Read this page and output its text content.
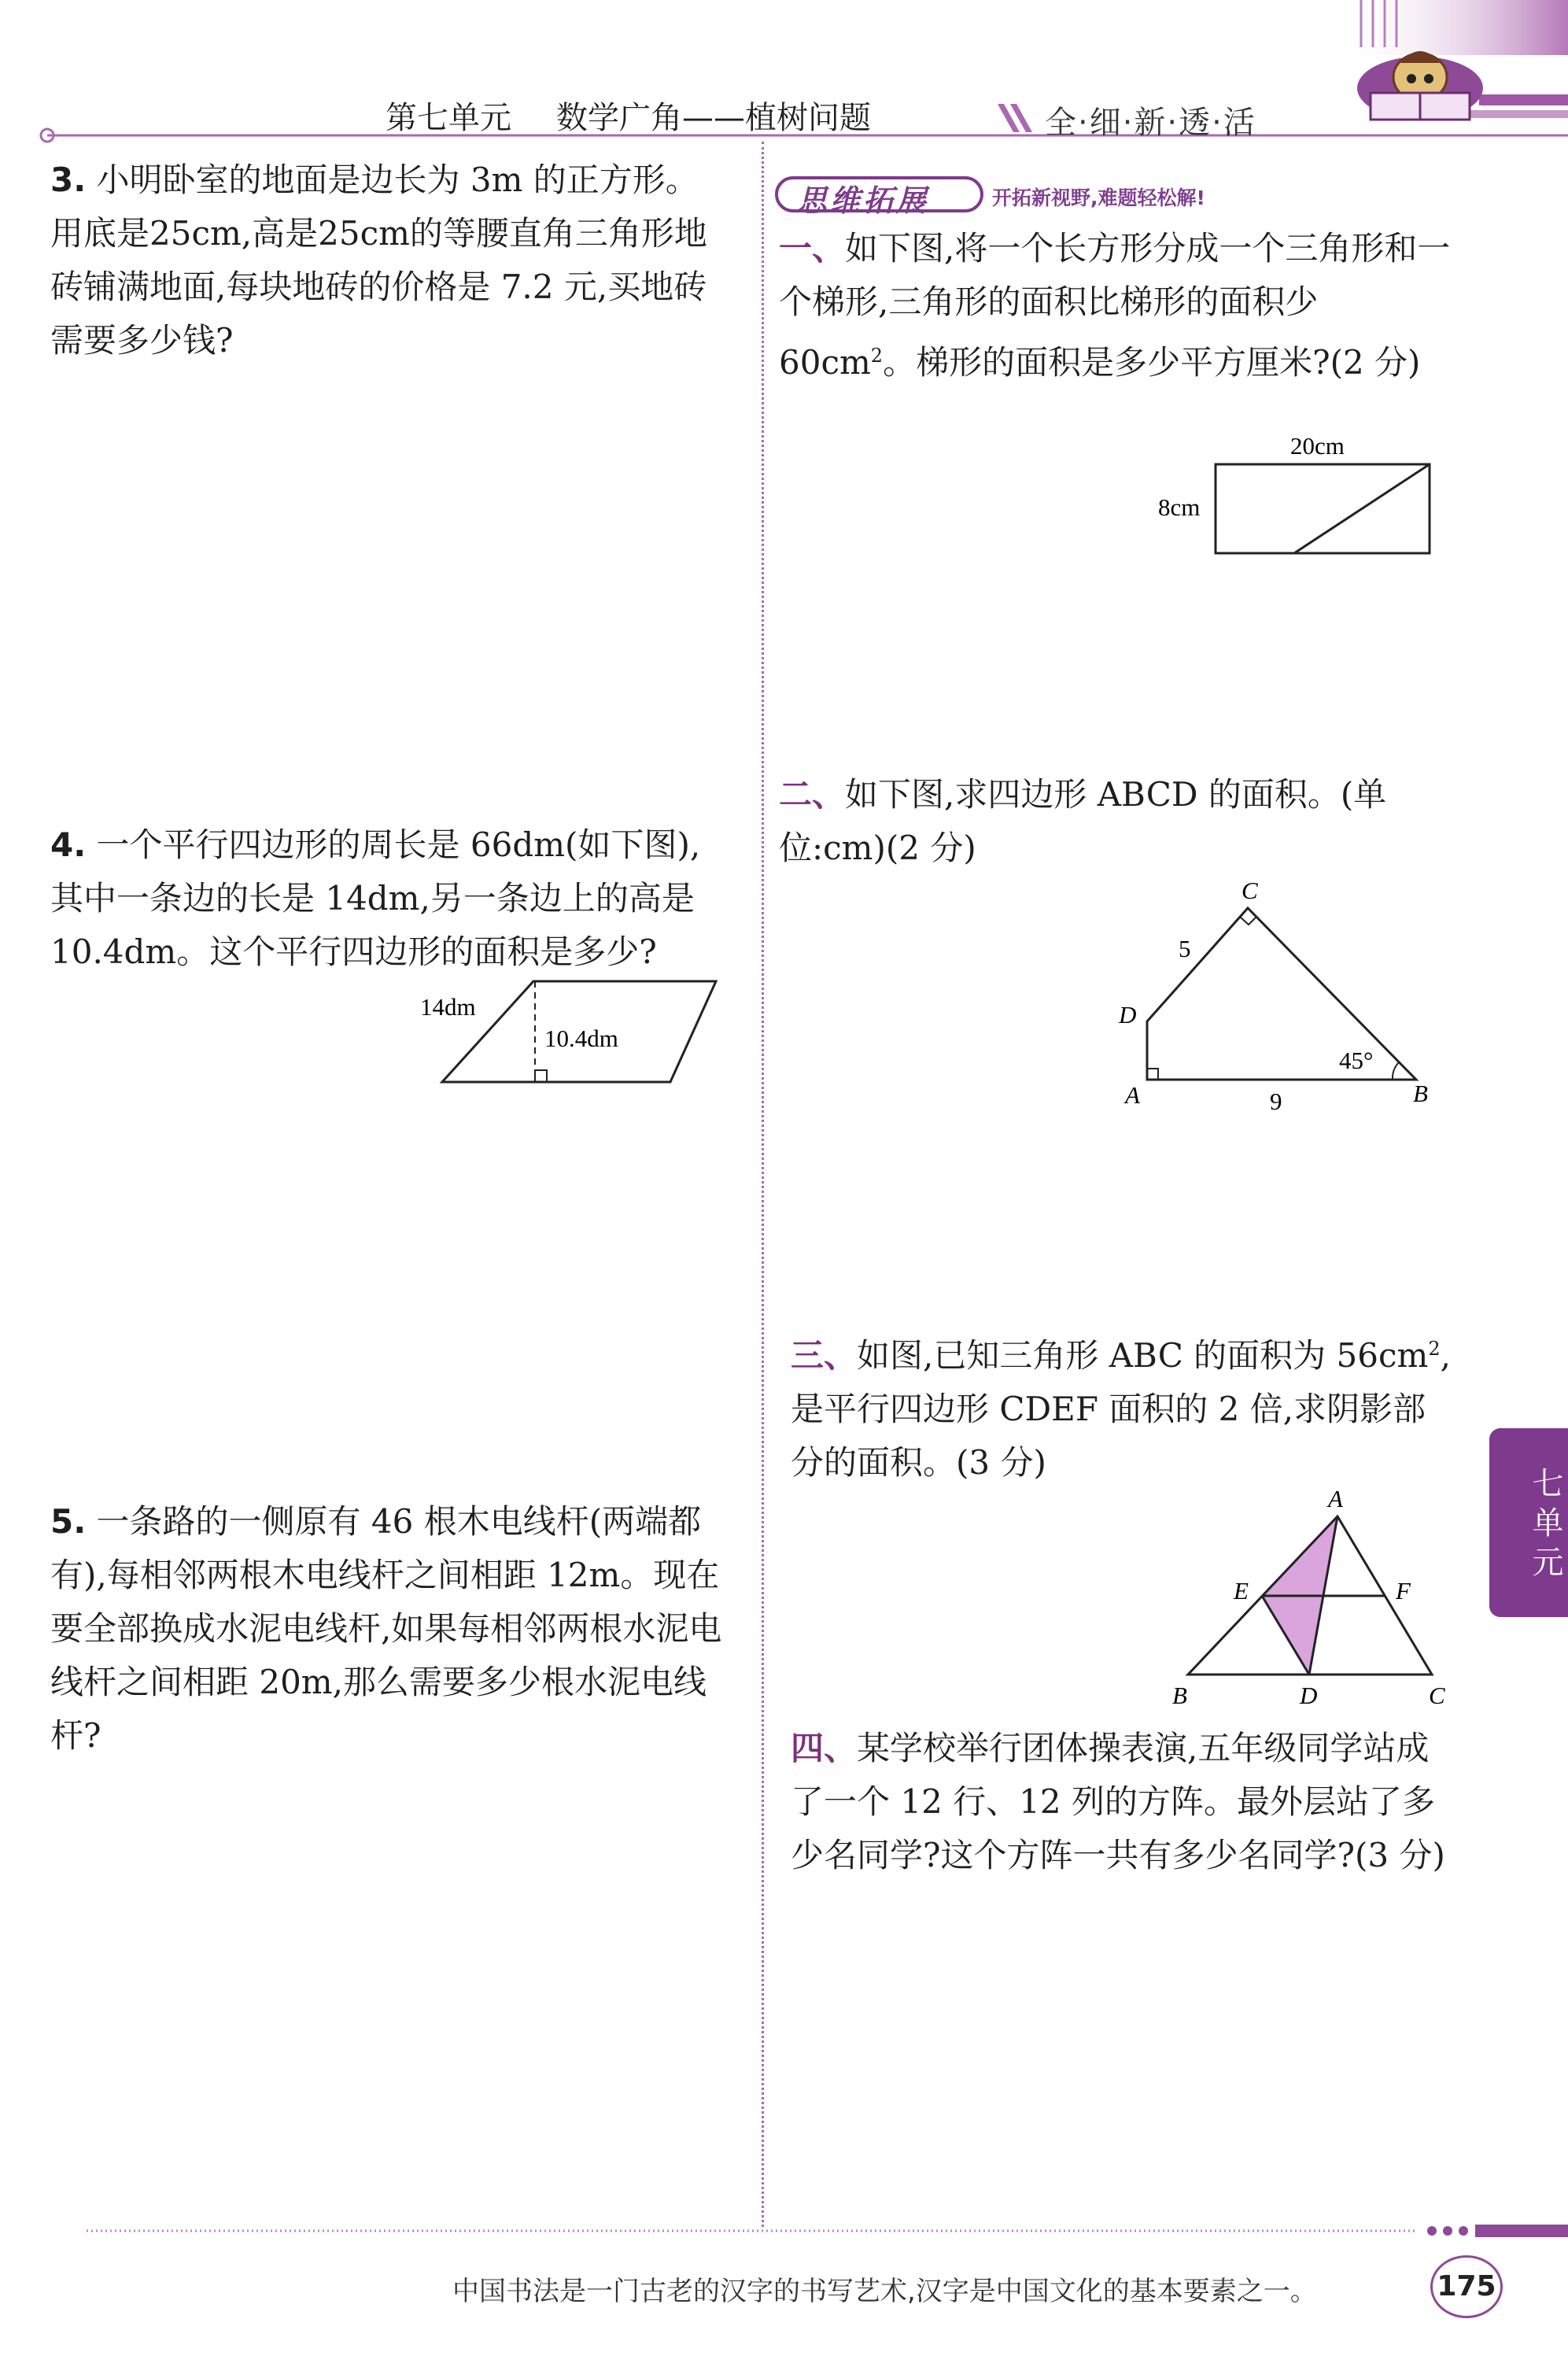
第七单元 数学广角——植树问题	全·细·新·透·活
七单元
3. 小明卧室的地面是边长为 3m 的正方形。用底是25cm,高是25cm的等腰直角三角形地砖铺满地面,每块地砖的价格是 7.2 元,买地砖需要多少钱?
4. 一个平行四边形的周长是 66dm(如下图),其中一条边的长是 14dm,另一条边上的高是 10.4dm。这个平行四边形的面积是多少?
14dm
10.4dm
5. 一条路的一侧原有 46 根木电线杆(两端都有),每相邻两根木电线杆之间相距 12m。现在要全部换成水泥电线杆,如果每相邻两根水泥电线杆之间相距 20m,那么需要多少根水泥电线杆?
思维拓展	开拓新视野,难题轻松解!
一、如下图,将一个长方形分成一个三角形和一个梯形,三角形的面积比梯形的面积少 $60cm^2$。梯形的面积是多少平方厘米?(2 分)
20cm
8cm
二、如下图,求四边形 ABCD 的面积。(单位:cm)(2 分)
C
D
A	B
5
9
45°
三、如图,已知三角形 ABC 的面积为 $56cm^2$,是平行四边形 CDEF 面积的 2 倍,求阴影部分的面积。(3 分)
A
E	F
B	D	C
四、某学校举行团体操表演,五年级同学站成了一个 12 行、12 列的方阵。最外层站了多少名同学?这个方阵一共有多少名同学?(3 分)
中国书法是一门古老的汉字的书写艺术,汉字是中国文化的基本要素之一。	175
